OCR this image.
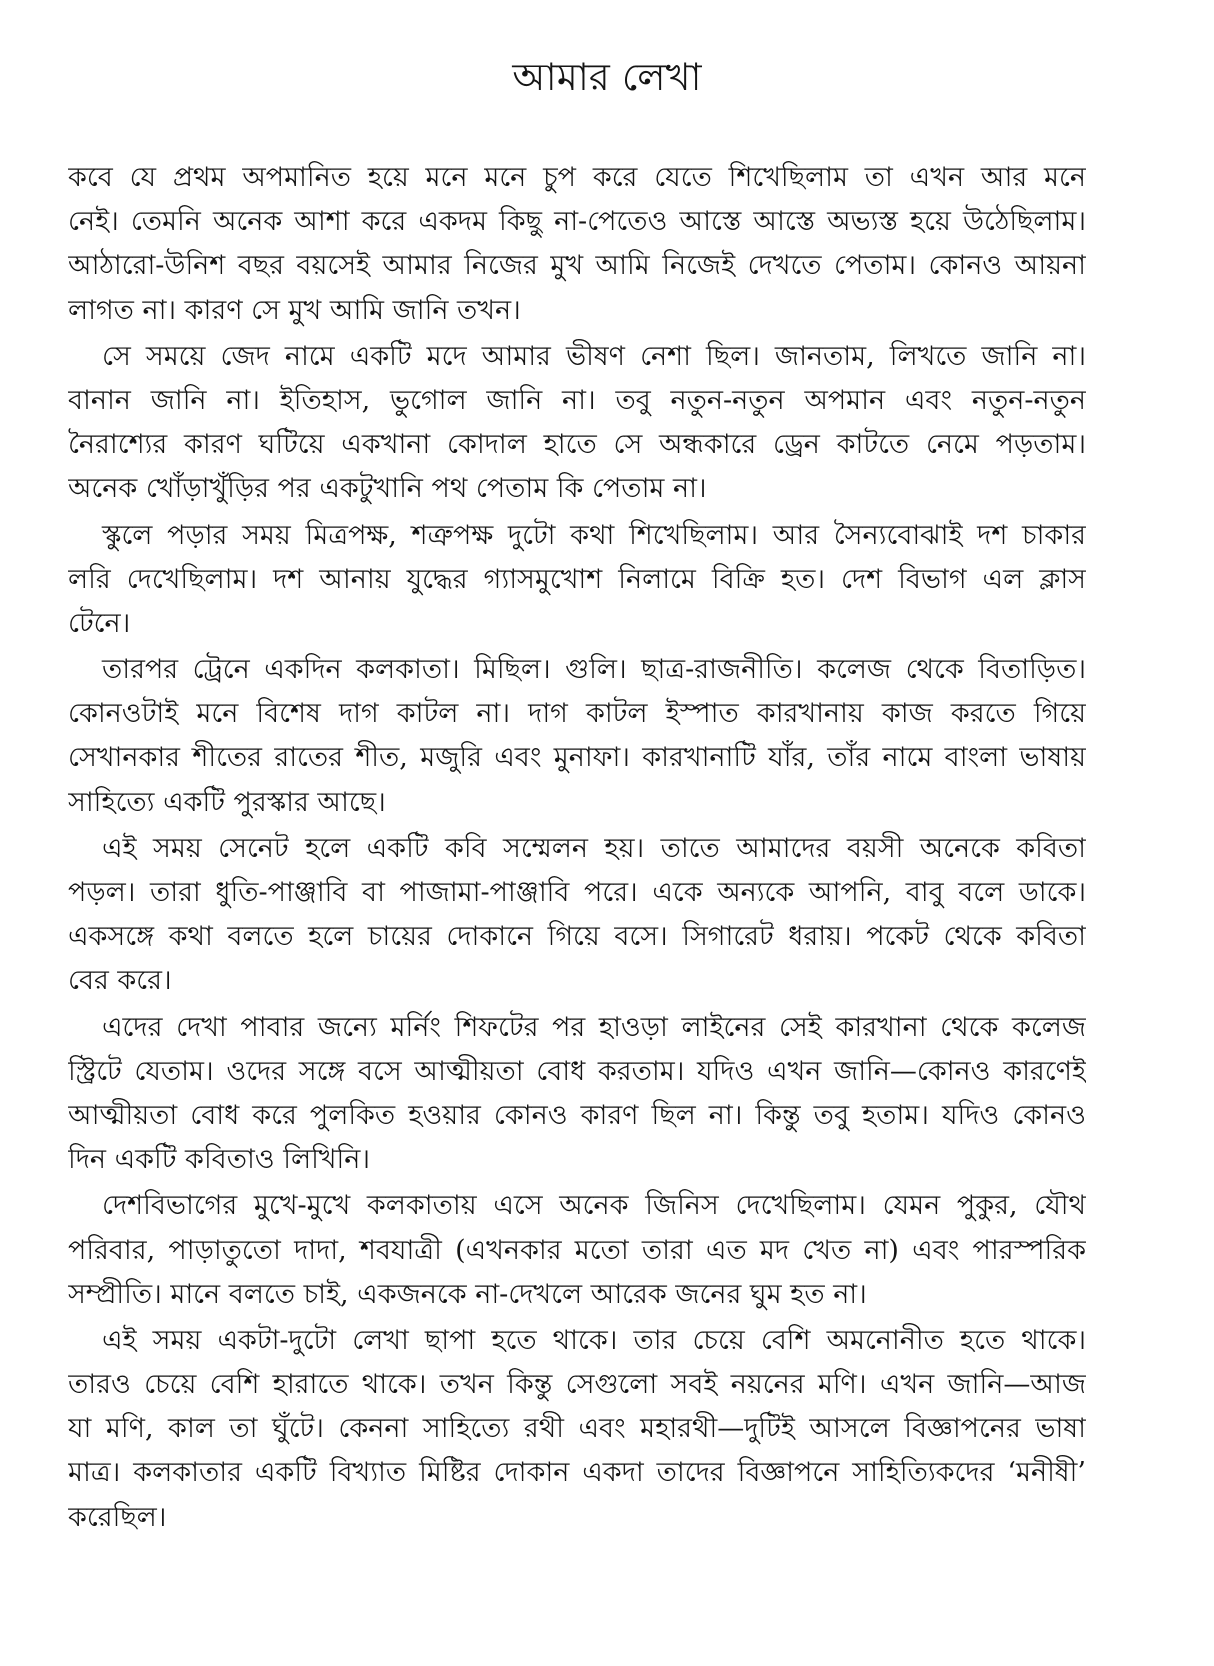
আমার লেখা
কবে যে প্রথম অপমানিত হয়ে মনে মনে চুপ করে যেতে শিখেছিলাম তা এখন আর মনে
নেই। তেমনি অনেক আশা করে একদম কিছু না-পেতেও আস্তে আস্তে অভ্যস্ত হয়ে উঠেছিলাম।
আঠারো-উনিশ বছর বয়সেই আমার নিজের মুখ আমি নিজেই দেখতে পেতাম। কোনও আয়না
লাগত না। কারণ সে মুখ আমি জানি তখন।
সে সময়ে জেদ নামে একটি মদে আমার ভীষণ নেশা ছিল। জানতাম, লিখতে জানি না।
বানান জানি না। ইতিহাস, ভুগোল জানি না। তবু নতুন-নতুন অপমান এবং নতুন-নতুন
নৈরাশ্যের কারণ ঘটিয়ে একখানা কোদাল হাতে সে অন্ধকারে ড্রেন কাটতে নেমে পড়তাম।
অনেক খোঁড়াখুঁড়ির পর একটুখানি পথ পেতাম কি পেতাম না।
স্কুলে পড়ার সময় মিত্রপক্ষ, শত্রুপক্ষ দুটো কথা শিখেছিলাম। আর সৈন্যবোঝাই দশ চাকার
লরি দেখেছিলাম। দশ আনায় যুদ্ধের গ্যাসমুখোশ নিলামে বিক্রি হত। দেশ বিভাগ এল ক্লাস
টেনে।
তারপর ট্রেনে একদিন কলকাতা। মিছিল। গুলি। ছাত্র-রাজনীতি। কলেজ থেকে বিতাড়িত।
কোনওটাই মনে বিশেষ দাগ কাটল না। দাগ কাটল ইস্পাত কারখানায় কাজ করতে গিয়ে
সেখানকার শীতের রাতের শীত, মজুরি এবং মুনাফা। কারখানাটি যাঁর, তাঁর নামে বাংলা ভাষায়
সাহিত্যে একটি পুরস্কার আছে।
এই সময় সেনেট হলে একটি কবি সম্মেলন হয়। তাতে আমাদের বয়সী অনেকে কবিতা
পড়ল। তারা ধুতি-পাঞ্জাবি বা পাজামা-পাঞ্জাবি পরে। একে অন্যকে আপনি, বাবু বলে ডাকে।
একসঙ্গে কথা বলতে হলে চায়ের দোকানে গিয়ে বসে। সিগারেট ধরায়। পকেট থেকে কবিতা
বের করে।
এদের দেখা পাবার জন্যে মর্নিং শিফটের পর হাওড়া লাইনের সেই কারখানা থেকে কলেজ
স্ট্রিটে যেতাম। ওদের সঙ্গে বসে আত্মীয়তা বোধ করতাম। যদিও এখন জানি—কোনও কারণেই
আত্মীয়তা বোধ করে পুলকিত হওয়ার কোনও কারণ ছিল না। কিন্তু তবু হতাম। যদিও কোনও
দিন একটি কবিতাও লিখিনি।
দেশবিভাগের মুখে-মুখে কলকাতায় এসে অনেক জিনিস দেখেছিলাম। যেমন পুকুর, যৌথ
পরিবার, পাড়াতুতো দাদা, শবযাত্রী (এখনকার মতো তারা এত মদ খেত না) এবং পারস্পরিক
সম্প্রীতি। মানে বলতে চাই, একজনকে না-দেখলে আরেক জনের ঘুম হত না।
এই সময় একটা-দুটো লেখা ছাপা হতে থাকে। তার চেয়ে বেশি অমনোনীত হতে থাকে।
তারও চেয়ে বেশি হারাতে থাকে। তখন কিন্তু সেগুলো সবই নয়নের মণি। এখন জানি—আজ
যা মণি, কাল তা ঘুঁটে। কেননা সাহিত্যে রথী এবং মহারথী—দুটিই আসলে বিজ্ঞাপনের ভাষা
মাত্র। কলকাতার একটি বিখ্যাত মিষ্টির দোকান একদা তাদের বিজ্ঞাপনে সাহিত্যিকদের ‘মনীষী’
করেছিল।
